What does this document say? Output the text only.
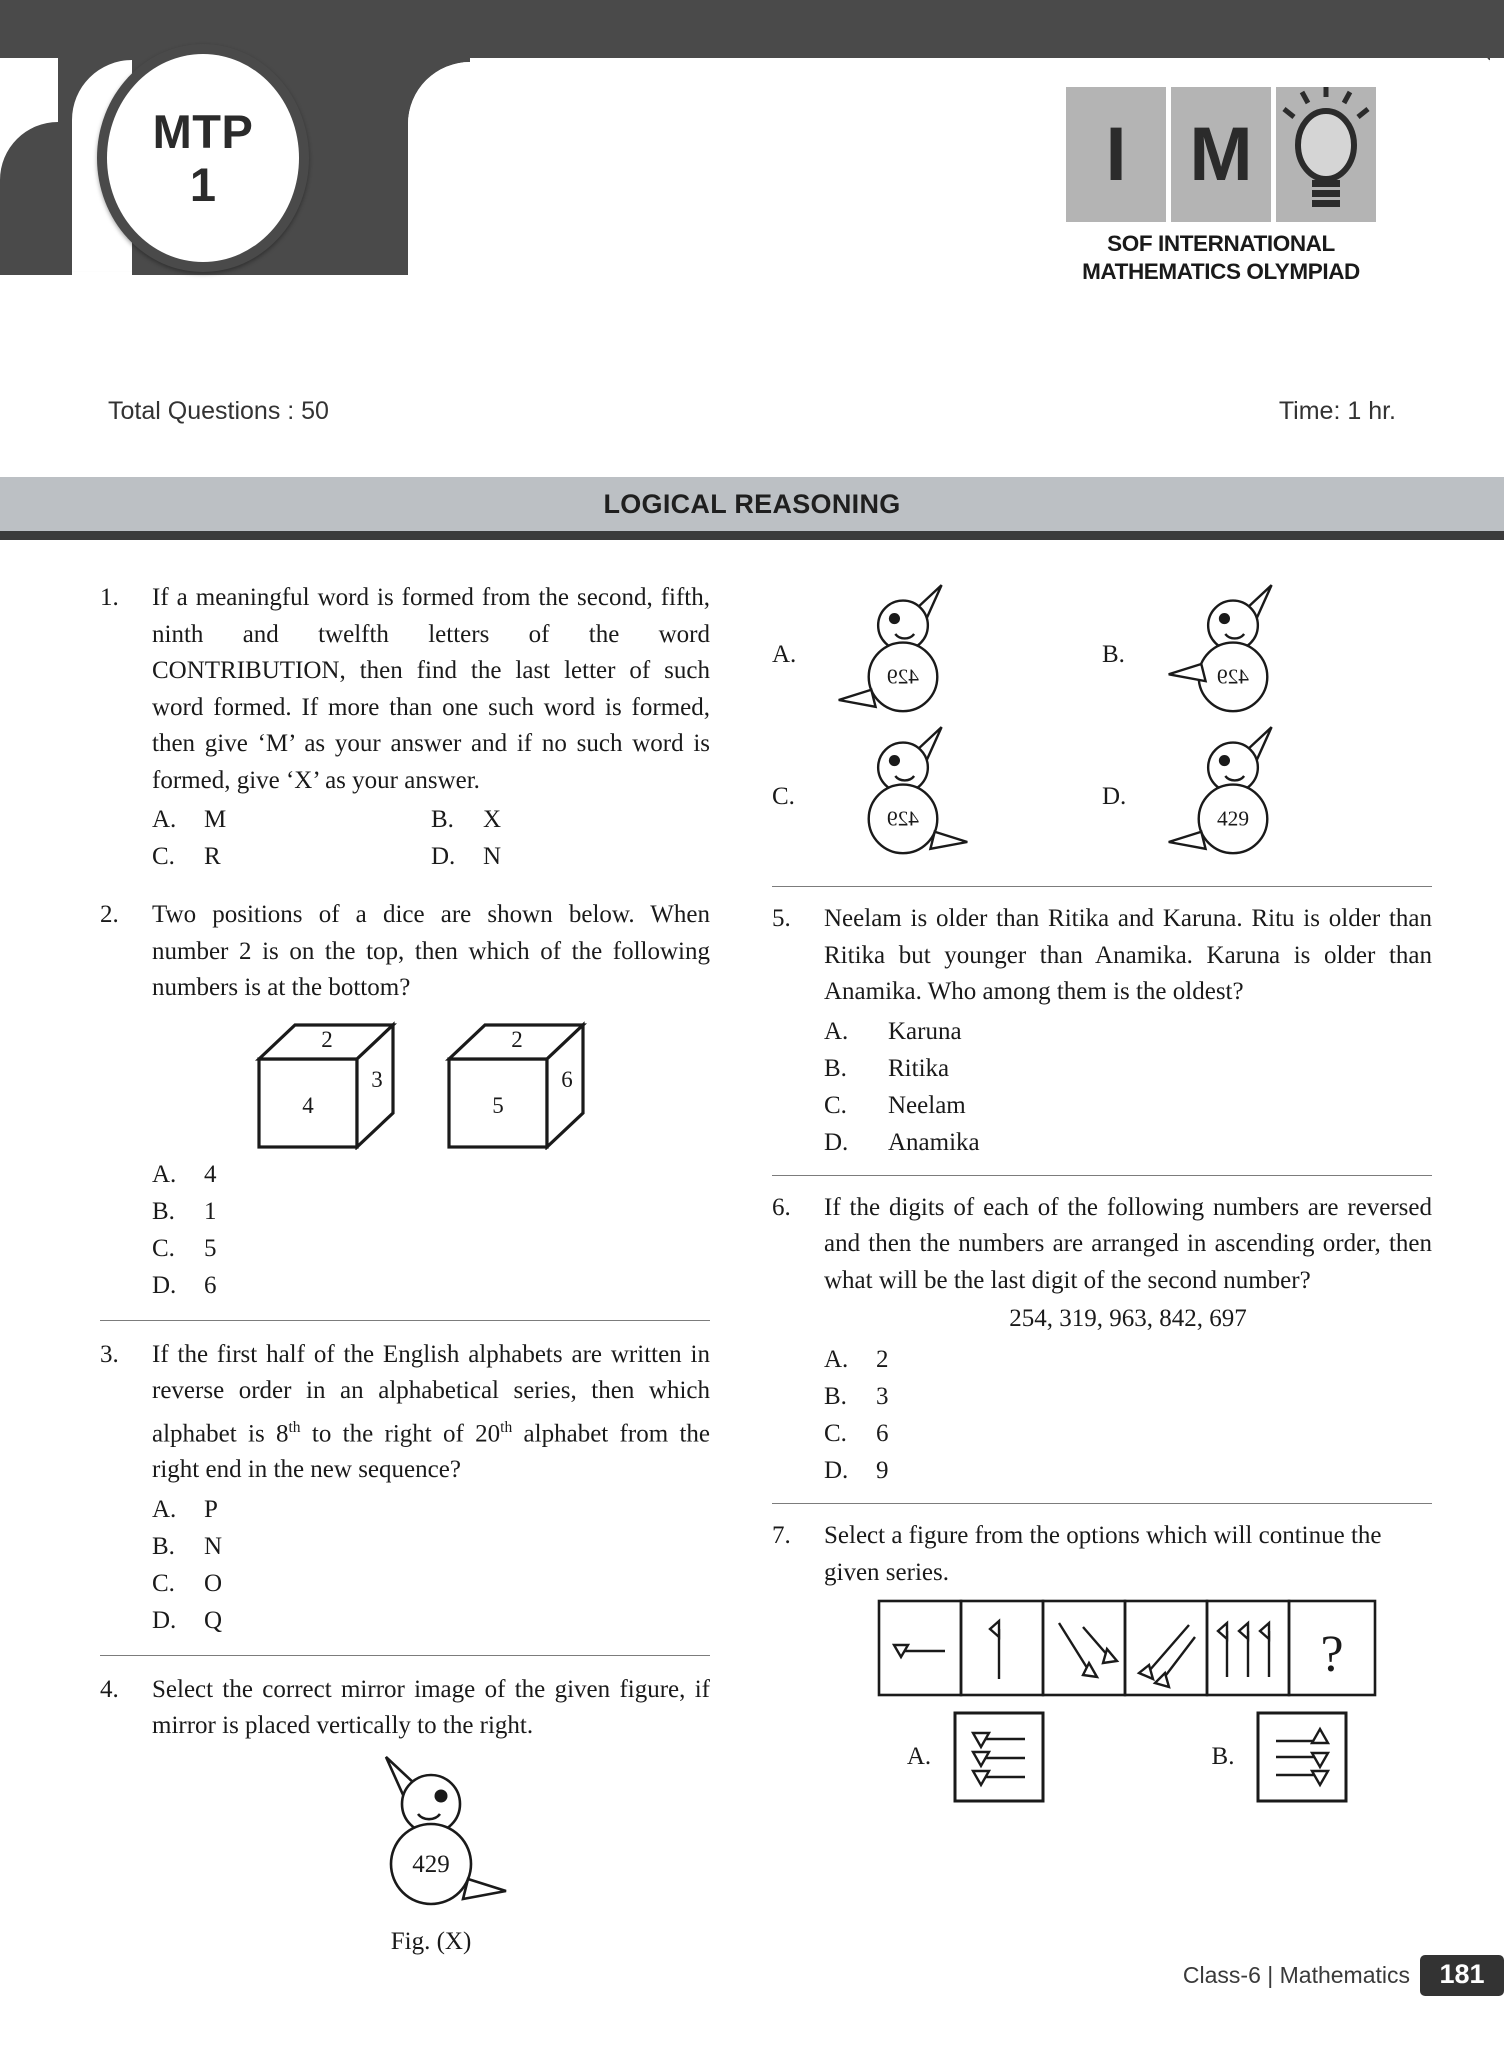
MTP
1	I M
SOF INTERNATIONAL
MATHEMATICS OLYMPIAD
Total Questions : 50	Time: 1 hr.
LOGICAL REASONING
1.	If a meaningful word is formed from the second, fifth, ninth and twelfth letters of the word CONTRIBUTION, then find the last letter of such word formed. If more than one such word is formed, then give ‘M’ as your answer and if no such word is formed, give ‘X’ as your answer.
A.	M	B.	X
C.	R	D.	N
2.	Two positions of a dice are shown below. When number 2 is on the top, then which of the following numbers is at the bottom?
2
4
3
2
5
6
A.	4
B.	1
C.	5
D.	6
3.	If the first half of the English alphabets are written in reverse order in an alphabetical series, then which alphabet is 8th to the right of 20th alphabet from the right end in the new sequence?
A.	P
B.	N
C.	O
D.	Q
4.	Select the correct mirror image of the given figure, if mirror is placed vertically to the right.
429
Fig. (X)
A.
429
B.
429
C.
429
D.
429
5.	Neelam is older than Ritika and Karuna. Ritu is older than Ritika but younger than Anamika. Karuna is older than Anamika. Who among them is the oldest?
A.	Karuna
B.	Ritika
C.	Neelam
D.	Anamika
6.	If the digits of each of the following numbers are reversed and then the numbers are arranged in ascending order, then what will be the last digit of the second number?
254, 319, 963, 842, 697
A.	2
B.	3
C.	6
D.	9
7.	Select a figure from the options which will continue the given series.
?
A.	B.
Class-6 | Mathematics	181
